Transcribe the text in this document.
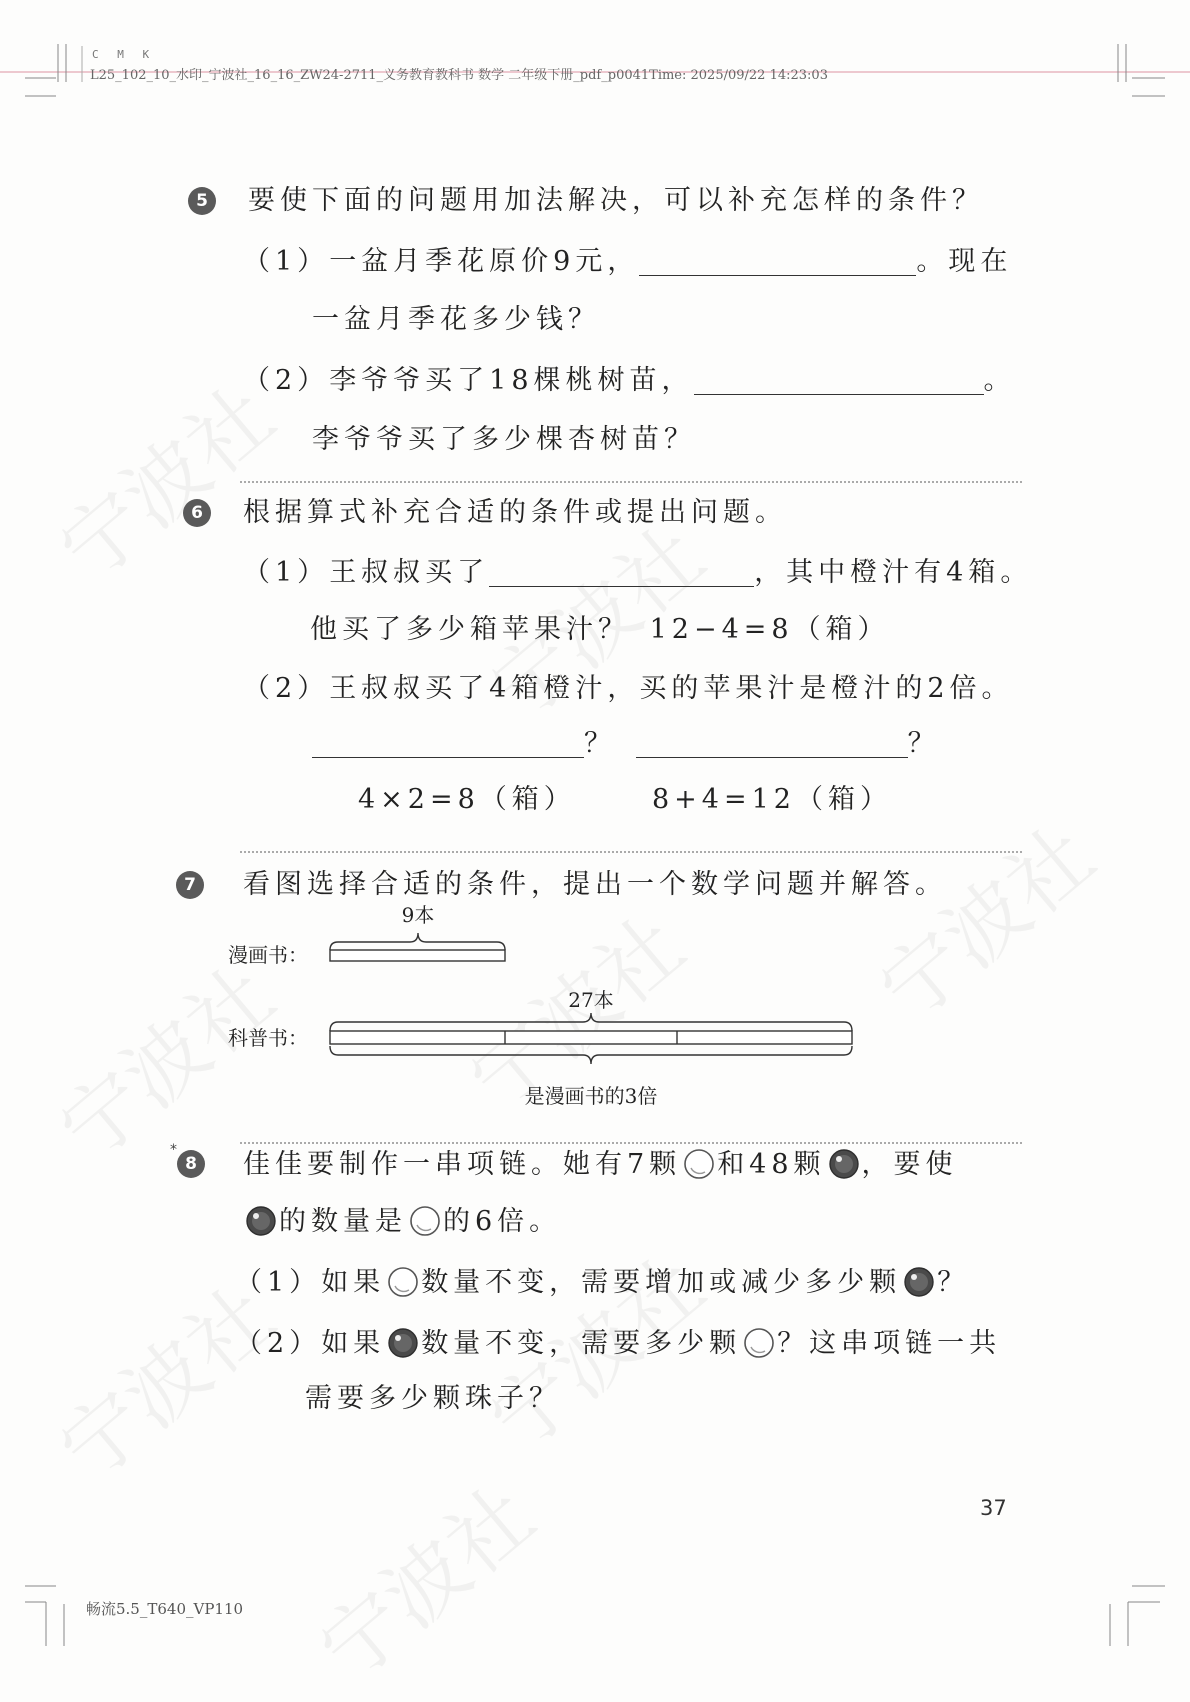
C M K
L25_102_10_水印_宁波社_16_16_ZW24-2711_义务教育教科书 数学 二年级下册_pdf_p0041Time: 2025/09/22 14:23:03
5 要使下面的问题用加法解决，可以补充怎样的条件？
（1）一盆月季花原价9元，	。现在
一盆月季花多少钱？
（2）李爷爷买了18棵桃树苗，	。
李爷爷买了多少棵杏树苗？
6 根据算式补充合适的条件或提出问题。
（1）王叔叔买了	，其中橙汁有4箱。
他买了多少箱苹果汁？ 12−4=8（箱）
（2）王叔叔买了4箱橙汁，买的苹果汁是橙汁的2倍。
？	？
4×2=8（箱）	8+4=12（箱）
7 看图选择合适的条件，提出一个数学问题并解答。
9本
漫画书：
27本
科普书：
是漫画书的3倍
*
8 佳佳要制作一串项链。她有7颗 和48颗 ，要使
的数量是 的6倍。
（1）如果 数量不变，需要增加或减少多少颗 ？
（2）如果 数量不变，需要多少颗 ？这串项链一共
需要多少颗珠子？
37
畅流5.5_T640_VP110
